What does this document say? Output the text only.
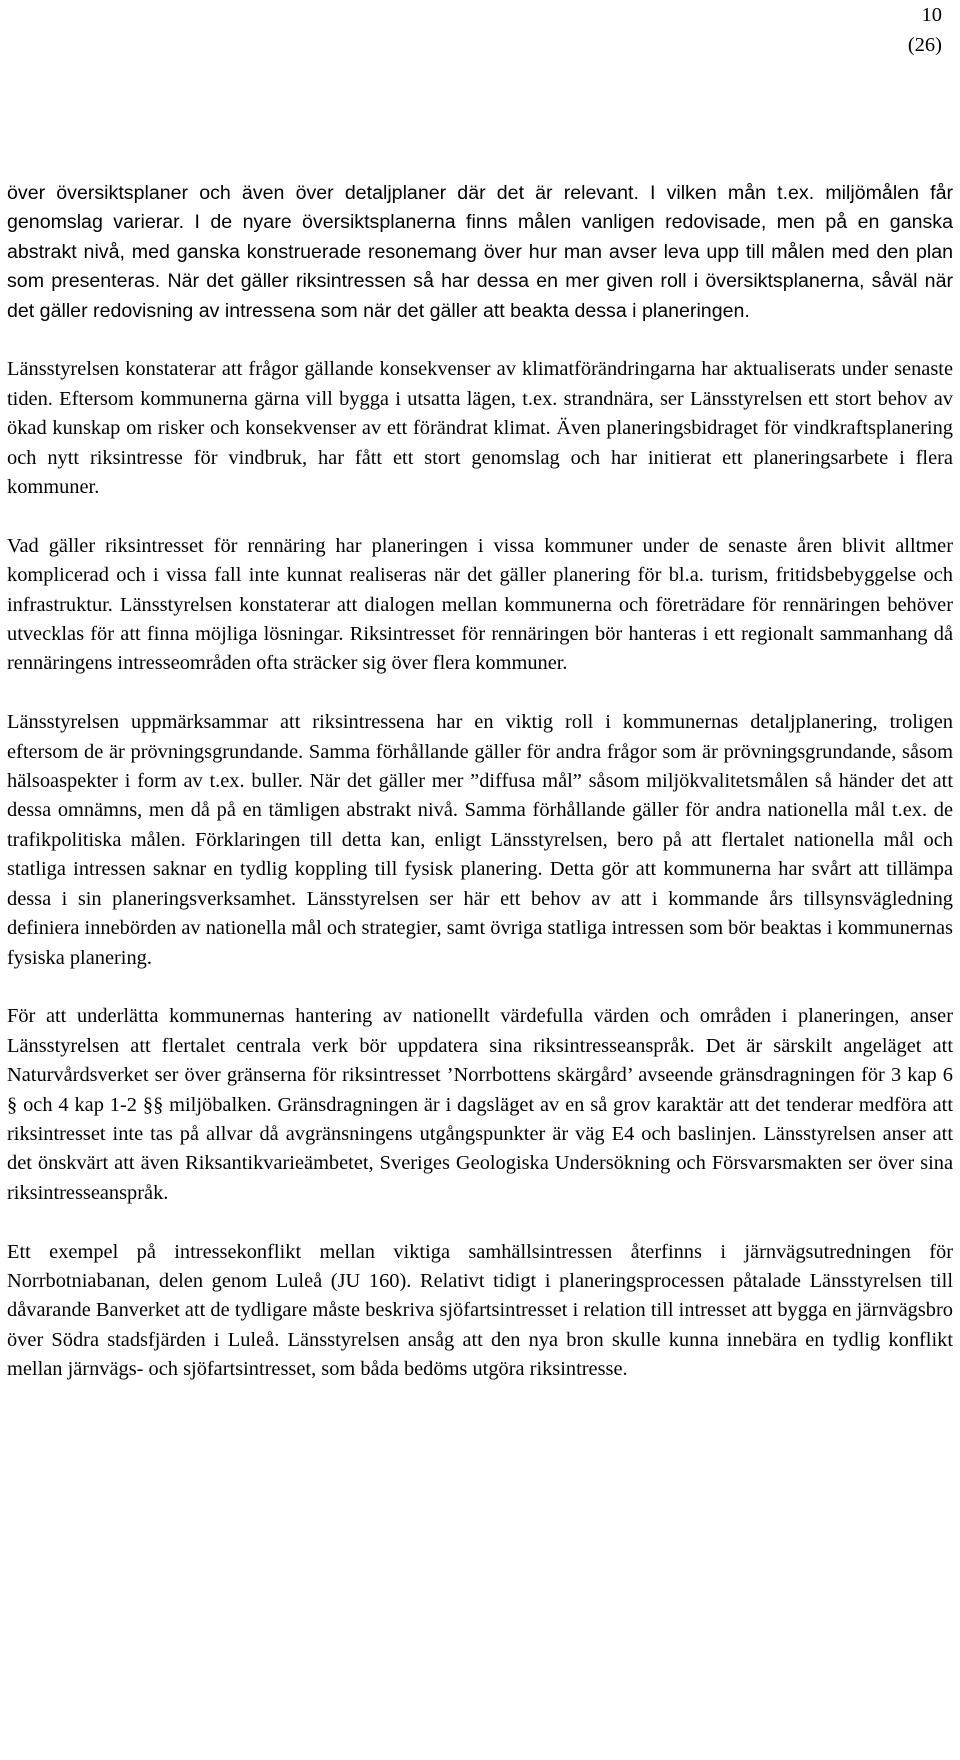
10
(26)

över översiktsplaner och även över detaljplaner där det är relevant. I vilken mån t.ex. miljömålen får genomslag varierar. I de nyare översiktsplanerna finns målen vanligen redovisade, men på en ganska abstrakt nivå, med ganska konstruerade resonemang över hur man avser leva upp till målen med den plan som presenteras. När det gäller riksintressen så har dessa en mer given roll i översiktsplanerna, såväl när det gäller redovisning av intressena som när det gäller att beakta dessa i planeringen.

Länsstyrelsen konstaterar att frågor gällande konsekvenser av klimatförändringarna har aktualiserats under senaste tiden. Eftersom kommunerna gärna vill bygga i utsatta lägen, t.ex. strandnära, ser Länsstyrelsen ett stort behov av ökad kunskap om risker och konsekvenser av ett förändrat klimat. Även planeringsbidraget för vindkraftsplanering och nytt riksintresse för vindbruk, har fått ett stort genomslag och har initierat ett planeringsarbete i flera kommuner.

Vad gäller riksintresset för rennäring har planeringen i vissa kommuner under de senaste åren blivit alltmer komplicerad och i vissa fall inte kunnat realiseras när det gäller planering för bl.a. turism, fritidsbebyggelse och infrastruktur. Länsstyrelsen konstaterar att dialogen mellan kommunerna och företrädare för rennäringen behöver utvecklas för att finna möjliga lösningar. Riksintresset för rennäringen bör hanteras i ett regionalt sammanhang då rennäringens intresseområden ofta sträcker sig över flera kommuner.

Länsstyrelsen uppmärksammar att riksintressena har en viktig roll i kommunernas detaljplanering, troligen eftersom de är prövningsgrundande. Samma förhållande gäller för andra frågor som är prövningsgrundande, såsom hälsoaspekter i form av t.ex. buller. När det gäller mer ”diffusa mål” såsom miljökvalitetsmålen så händer det att dessa omnämns, men då på en tämligen abstrakt nivå. Samma förhållande gäller för andra nationella mål t.ex. de trafikpolitiska målen. Förklaringen till detta kan, enligt Länsstyrelsen, bero på att flertalet nationella mål och statliga intressen saknar en tydlig koppling till fysisk planering. Detta gör att kommunerna har svårt att tillämpa dessa i sin planeringsverksamhet. Länsstyrelsen ser här ett behov av att i kommande års tillsynsvägledning definiera innebörden av nationella mål och strategier, samt övriga statliga intressen som bör beaktas i kommunernas fysiska planering.

För att underlätta kommunernas hantering av nationellt värdefulla värden och områden i planeringen, anser Länsstyrelsen att flertalet centrala verk bör uppdatera sina riksintresseanspråk. Det är särskilt angeläget att Naturvårdsverket ser över gränserna för riksintresset ’Norrbottens skärgård’ avseende gränsdragningen för 3 kap 6 § och 4 kap 1-2 §§ miljöbalken. Gränsdragningen är i dagsläget av en så grov karaktär att det tenderar medföra att riksintresset inte tas på allvar då avgränsningens utgångspunkter är väg E4 och baslinjen. Länsstyrelsen anser att det önskvärt att även Riksantikvarieämbetet, Sveriges Geologiska Undersökning och Försvarsmakten ser över sina riksintresseanspråk.

Ett exempel på intressekonflikt mellan viktiga samhällsintressen återfinns i järnvägsutredningen för Norrbotniabanan, delen genom Luleå (JU 160). Relativt tidigt i planeringsprocessen påtalade Länsstyrelsen till dåvarande Banverket att de tydligare måste beskriva sjöfartsintresset i relation till intresset att bygga en järnvägsbro över Södra stadsfjärden i Luleå. Länsstyrelsen ansåg att den nya bron skulle kunna innebära en tydlig konflikt mellan järnvägs- och sjöfartsintresset, som båda bedöms utgöra riksintresse.
